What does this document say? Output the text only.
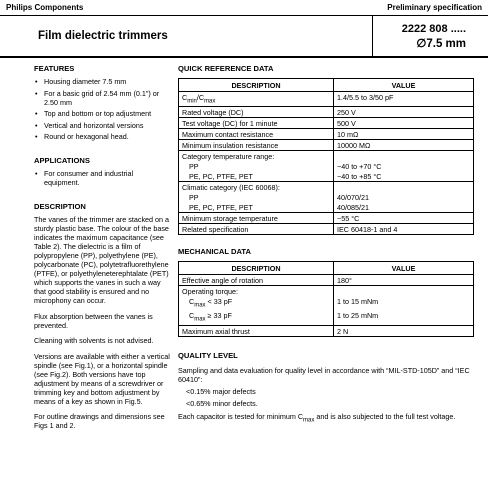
Philips Components	Preliminary specification
Film dielectric trimmers
2222 808 .....
∅7.5 mm
FEATURES
• Housing diameter 7.5 mm
• For a basic grid of 2.54 mm (0.1") or 2.50 mm
• Top and bottom or top adjustment
• Vertical and horizontal versions
• Round or hexagonal head.
APPLICATIONS
• For consumer and industrial equipment.
DESCRIPTION
The vanes of the trimmer are stacked on a sturdy plastic base. The colour of the base indicates the maximum capacitance (see Table 2). The dielectric is a film of polypropylene (PP), polyethylene (PE), polycarbonate (PC), polytetrafluorethylene (PTFE), or polyethyleneterephtalate (PET) which supports the vanes in such a way that good stability is ensured and no microphony can occur.
Flux absorption between the vanes is prevented.
Cleaning with solvents is not advised.
Versions are available with either a vertical spindle (see Fig.1), or a horizontal spindle (see Fig.2). Both versions have top adjustment by means of a screwdriver or trimming key and bottom adjustment by means of a key as shown in Fig.5.
For outline drawings and dimensions see Figs 1 and 2.
QUICK REFERENCE DATA
DESCRIPTION	VALUE
$C_{min}/C_{max}$	1.4/5.5 to 3/50 pF
Rated voltage (DC)	250 V
Test voltage (DC) for 1 minute	500 V
Maximum contact resistance	10 mΩ
Minimum insulation resistance	10000 MΩ
Category temperature range:	
PP	−40 to +70 °C
PE, PC, PTFE, PET	−40 to +85 °C
Climatic category (IEC 60068):	
PP	40/070/21
PE, PC, PTFE, PET	40/085/21
Minimum storage temperature	−55 °C
Related specification	IEC 60418-1 and 4
MECHANICAL DATA
DESCRIPTION	VALUE
Effective angle of rotation	180°
Operating torque:	
$C_{max} < 33$ pF	1 to 15 mNm
$C_{max} \ge 33$ pF	1 to 25 mNm
Maximum axial thrust	2 N
QUALITY LEVEL
Sampling and data evaluation for quality level in accordance with “MIL-STD-105D” and “IEC 60410”:
<0.15% major defects
<0.65% minor defects.
Each capacitor is tested for minimum $C_{max}$ and is also subjected to the full test voltage.
